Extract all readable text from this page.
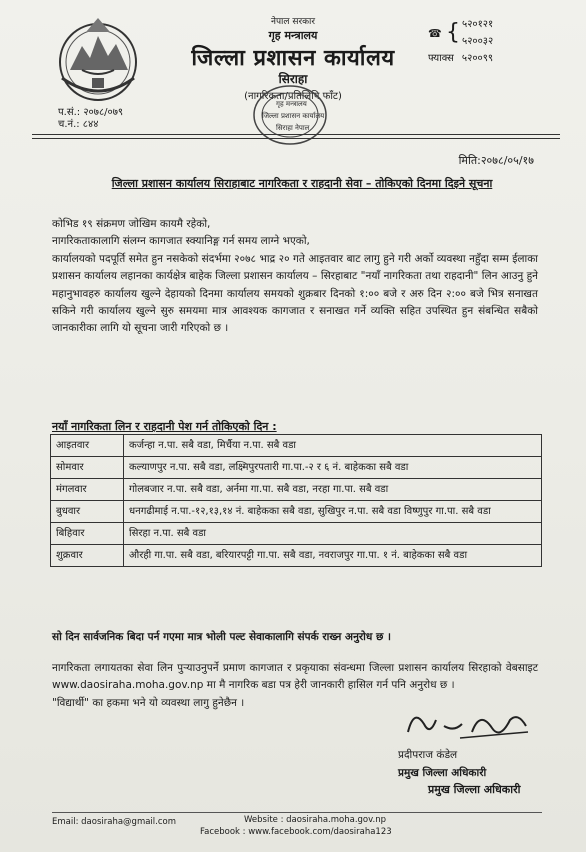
नेपाल सरकार
गृह मन्त्रालय
जिल्ला प्रशासन कार्यालय
सिराहा
(नागरिकता/प्रतिलिपि फाँट)
गृह मन्त्रालय
जिल्ला प्रशासन कार्यालय
सिराहा नेपाल
प.सं.: २०७८/०७९
च.नं.: ८४४
☎ { ५२०१२१
५२००३२
फ्याक्स ५२००९९
मिति:२०७८/०५/१७
जिल्ला प्रशासन कार्यालय सिराहाबाट नागरिकता र राहदानी सेवा – तोकिएको दिनमा दिइने सूचना

कोभिड १९ संक्रमण जोखिम कायमै रहेको,

नागरिकताकालागि संलग्न कागजात स्क्यानिङ्ग गर्न समय लाग्ने भएको,

कार्यालयको पदपूर्ति समेत हुन नसकेको संदर्भमा २०७८ भाद्र २० गते आइतवार बाट लागु हुने गरी अर्को व्यवस्था नहुँदा सम्म ईलाका प्रशासन कार्यालय लहानका कार्यक्षेत्र बाहेक जिल्ला प्रशासन कार्यालय – सिरहाबाट "नयाँ नागरिकता तथा राहदानी" लिन आउनु हुने महानुभावहरु कार्यालय खुल्ने देहायको दिनमा कार्यालय समयको शुक्रबार दिनको १:०० बजे र अरु दिन २:०० बजे भित्र सनाखत सकिने गरी कार्यालय खुल्ने सुरु समयमा मात्र आवश्यक कागजात र सनाखत गर्ने व्यक्ति सहित उपस्थित हुन संबन्धित सबैको जानकारीका लागि यो सूचना जारी गरिएको छ ।

नयाँ नागरिकता लिन र राहदानी पेश गर्न तोकिएको दिन :
आइतवार	कर्जन्हा न.पा. सबै वडा, मिर्चैया न.पा. सबै वडा
सोमवार	कल्याणपुर न.पा. सबै वडा, लक्ष्मिपुरपतारी गा.पा.-२ र ६ नं. बाहेकका सबै वडा
मंगलवार	गोलबजार न.पा. सबै वडा, अर्नमा गा.पा. सबै वडा, नरहा गा.पा. सबै वडा
बुधवार	धनगढीमाई न.पा.-१२,१३,१४ नं. बाहेकका सबै वडा, सुखिपुर न.पा. सबै वडा विष्णुपुर गा.पा. सबै वडा
बिहिवार	सिरहा न.पा. सबै वडा
शुक्रवार	औरही गा.पा. सबै वडा, बरियारपट्टी गा.पा. सबै वडा, नवराजपुर गा.पा. १ नं. बाहेकका सबै वडा
सो दिन सार्वजनिक बिदा पर्न गएमा मात्र भोली पल्ट सेवाकालागि संपर्क राख्न अनुरोध छ ।

नागरिकता लगायतका सेवा लिन पुऱ्याउनुपर्ने प्रमाण कागजात र प्रकृयाका संवन्धमा जिल्ला प्रशासन कार्यालय सिरहाको वेबसाइट www.daosiraha.moha.gov.np मा मै नागरिक बडा पत्र हेरी जानकारी हासिल गर्न पनि अनुरोध छ ।

"विद्यार्थी" का हकमा भने यो व्यवस्था लागु हुनेछैन ।

प्रदीपराज कंडेल
प्रमुख जिल्ला अधिकारी
प्रमुख जिल्ला अधिकारी
Email: daosiraha@gmail.com	Website : daosiraha.moha.gov.np
Facebook : www.facebook.com/daosiraha123
